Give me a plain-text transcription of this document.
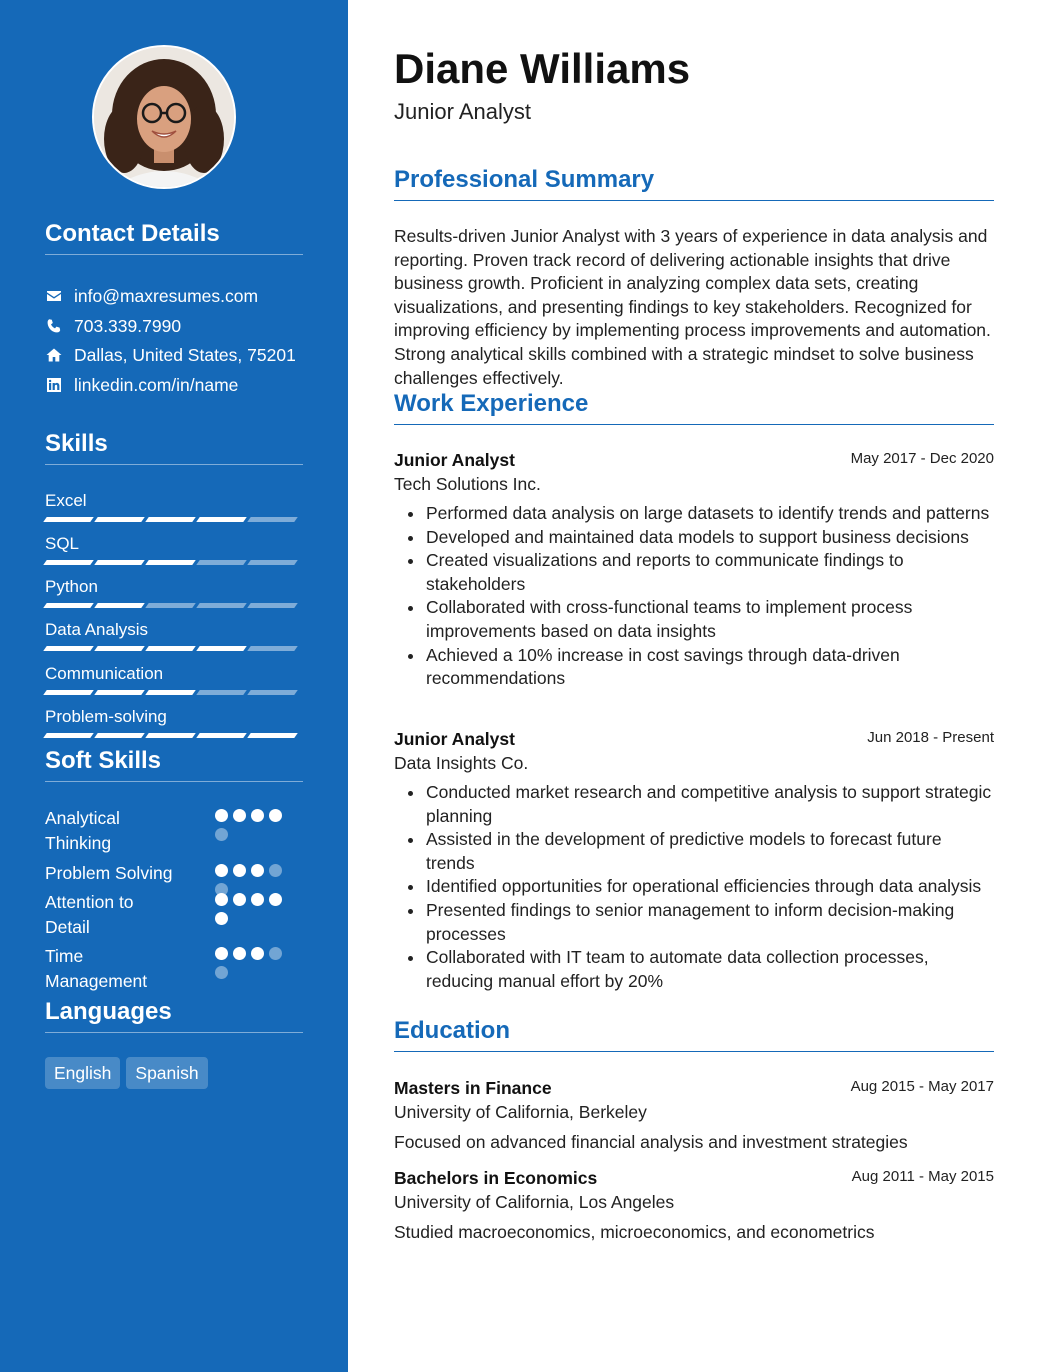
Contact Details
info@maxresumes.com
703.339.7990
Dallas, United States, 75201
linkedin.com/in/name
Skills
Excel
SQL
Python
Data Analysis
Communication
Problem-solving
Soft Skills
Analytical Thinking
Problem Solving
Attention to Detail
Time Management
Languages
English	Spanish
Diane Williams
Junior Analyst
Professional Summary
Results-driven Junior Analyst with 3 years of experience in data analysis and reporting. Proven track record of delivering actionable insights that drive business growth. Proficient in analyzing complex data sets, creating visualizations, and presenting findings to key stakeholders. Recognized for improving efficiency by implementing process improvements and automation. Strong analytical skills combined with a strategic mindset to solve business challenges effectively.
Work Experience
Junior Analyst	May 2017 - Dec 2020
Tech Solutions Inc.
Performed data analysis on large datasets to identify trends and patterns
Developed and maintained data models to support business decisions
Created visualizations and reports to communicate findings to stakeholders
Collaborated with cross-functional teams to implement process improvements based on data insights
Achieved a 10% increase in cost savings through data-driven recommendations
Junior Analyst	Jun 2018 - Present
Data Insights Co.
Conducted market research and competitive analysis to support strategic planning
Assisted in the development of predictive models to forecast future trends
Identified opportunities for operational efficiencies through data analysis
Presented findings to senior management to inform decision-making processes
Collaborated with IT team to automate data collection processes, reducing manual effort by 20%
Education
Masters in Finance	Aug 2015 - May 2017
University of California, Berkeley
Focused on advanced financial analysis and investment strategies
Bachelors in Economics	Aug 2011 - May 2015
University of California, Los Angeles
Studied macroeconomics, microeconomics, and econometrics
